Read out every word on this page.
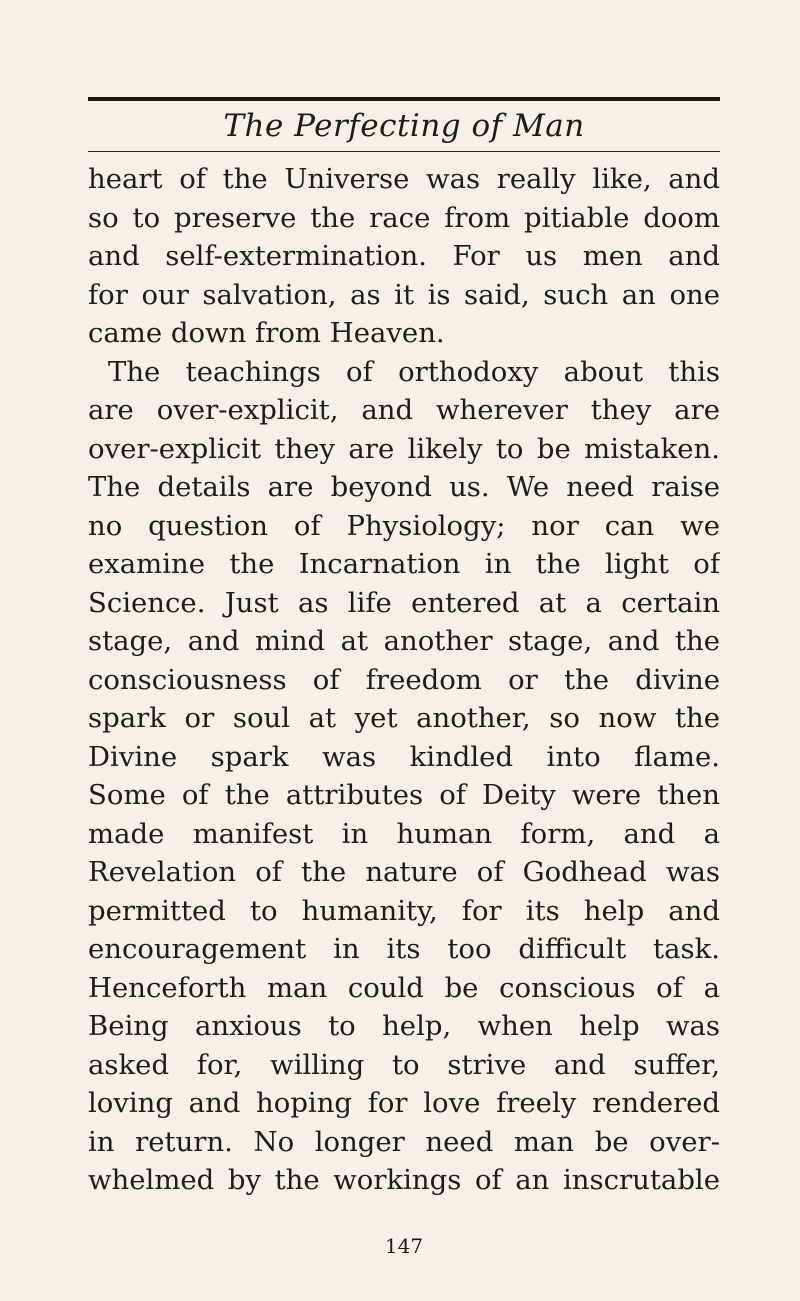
The Perfecting of Man
heart of the Universe was really like, and
so to preserve the race from pitiable doom
and self-extermination. For us men and
for our salvation, as it is said, such an one
came down from Heaven.
The teachings of orthodoxy about this
are over-explicit, and wherever they are
over-explicit they are likely to be mistaken.
The details are beyond us. We need raise
no question of Physiology; nor can we
examine the Incarnation in the light of
Science. Just as life entered at a certain
stage, and mind at another stage, and the
consciousness of freedom or the divine
spark or soul at yet another, so now the
Divine spark was kindled into flame.
Some of the attributes of Deity were then
made manifest in human form, and a
Revelation of the nature of Godhead was
permitted to humanity, for its help and
encouragement in its too difficult task.
Henceforth man could be conscious of a
Being anxious to help, when help was
asked for, willing to strive and suffer,
loving and hoping for love freely rendered
in return. No longer need man be over-
whelmed by the workings of an inscrutable
147
